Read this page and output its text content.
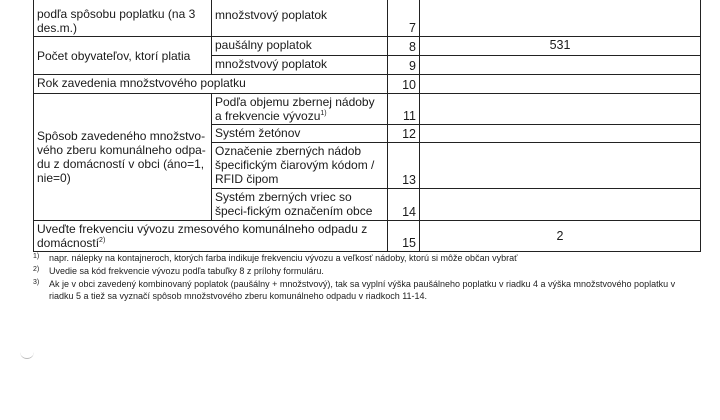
podľa spôsobu poplatku (na 3 des.m.)	množstvový poplatok	7	
Počet obyvateľov, ktorí platia	paušálny poplatok	8	531
	množstvový poplatok	9	
Rok zavedenia množstvového poplatku		10	
Spôsob zavedeného množstvo-vého zberu komunálneho odpa-du z domácností v obci (áno=1, nie=0)	Podľa objemu zbernej nádoby a frekvencie vývozu$^{1)}$	11	
	Systém žetónov	12	
	Označenie zberných nádob špecifickým čiarovým kódom / RFID čipom	13	
	Systém zberných vriec so špeci-fickým označením obce	14	
Uveďte frekvenciu vývozu zmesového komunálneho odpadu z domácností$^{2)}$		15	2
1)	napr. nálepky na kontajneroch, ktorých farba indikuje frekvenciu vývozu a veľkosť nádoby, ktorú si môže občan vybrať
2)	Uvedie sa kód frekvencie vývozu podľa tabuľky 8 z prílohy formuláru.
3)	Ak je v obci zavedený kombinovaný poplatok (paušálny + množstvový), tak sa vyplní výška paušálneho poplatku v riadku 4 a výška množstvového poplatku v riadku 5 a tiež sa vyznačí spôsob množstvového zberu komunálneho odpadu v riadkoch 11-14.
